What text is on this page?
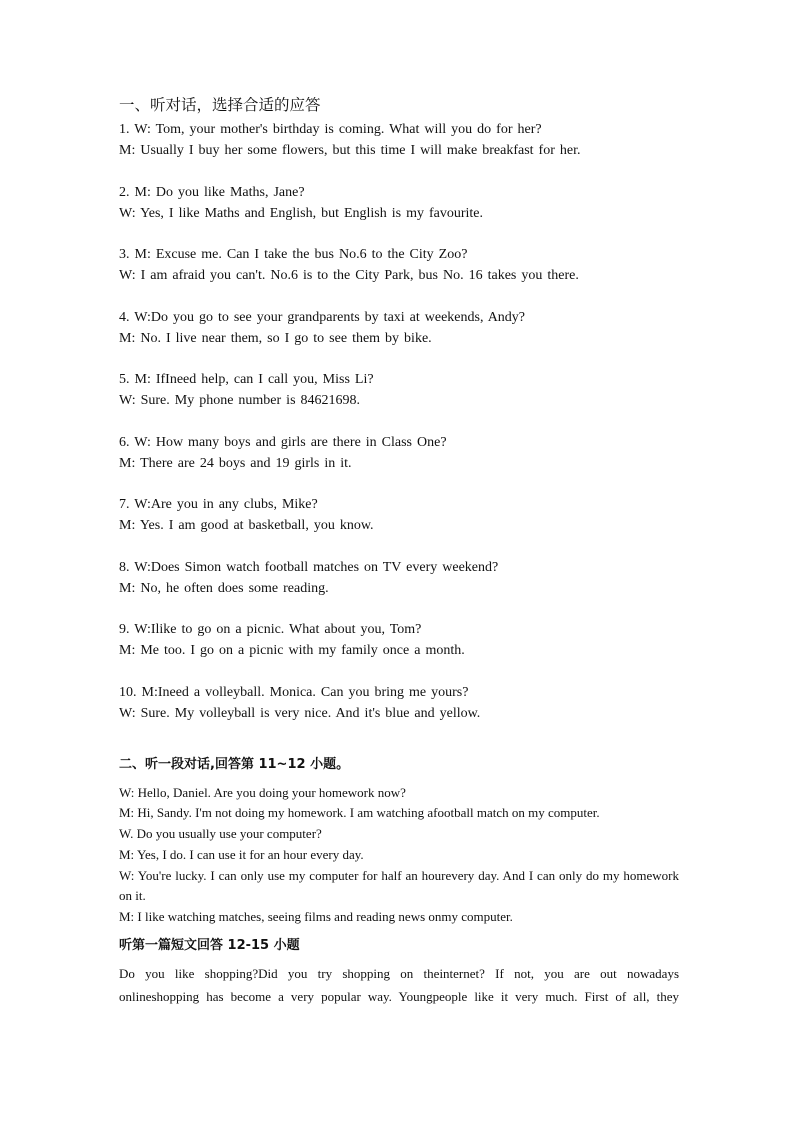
一、听对话，选择合适的应答
1. W: Tom, your mother's birthday is coming. What will you do for her?
M: Usually I buy her some flowers, but this time I will make breakfast for her.
2. M: Do you like Maths, Jane?
W: Yes, I like Maths and English, but English is my favourite.
3. M: Excuse me. Can I take the bus No.6 to the City Zoo?
W: I am afraid you can't. No.6 is to the City Park, bus No. 16 takes you there.
4. W:Do you go to see your grandparents by taxi at weekends, Andy?
M: No. I live near them, so I go to see them by bike.
5. M: IfIneed help, can I call you, Miss Li?
W: Sure. My phone number is 84621698.
6. W: How many boys and girls are there in Class One?
M: There are 24 boys and 19 girls in it.
7. W:Are you in any clubs, Mike?
M: Yes. I am good at basketball, you know.
8. W:Does Simon watch football matches on TV every weekend?
M: No, he often does some reading.
9. W:Ilike to go on a picnic. What about you, Tom?
M: Me too. I go on a picnic with my family once a month.
10. M:Ineed a volleyball. Monica. Can you bring me yours?
W: Sure. My volleyball is very nice. And it's blue and yellow.
二、听一段对话,回答第 11~12 小题。
W: Hello, Daniel. Are you doing your homework now?
M: Hi, Sandy. I'm not doing my homework. I am watching afootball match on my computer.
W. Do you usually use your computer?
M: Yes, I do. I can use it for an hour every day.
W: You're lucky. I can only use my computer for half an hourevery day. And I can only do my homework on it.
M: I like watching matches, seeing films and reading news onmy computer.
听第一篇短文回答 12-15 小题
Do you like shopping?Did you try shopping on theinternet? If not, you are out nowadays onlineshopping has become a very popular way. Youngpeople like it very much. First of all, they
